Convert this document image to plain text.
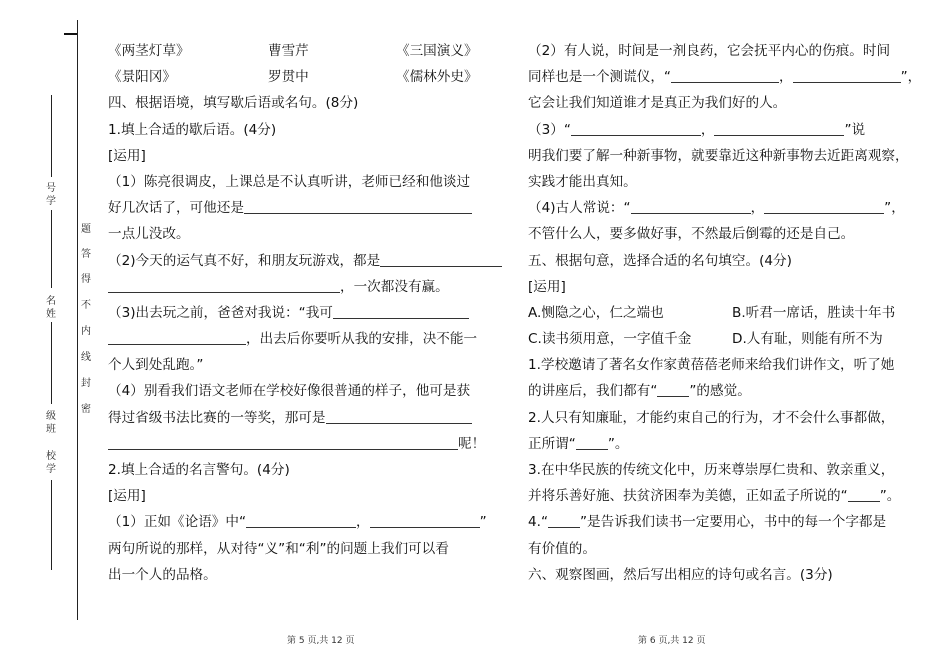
号学
名姓
级班
校学
题
答
得
不
内
线
封
密
《两茎灯草》	曹雪芹	《三国演义》
《景阳冈》	罗贯中	《儒林外史》
四、根据语境，填写歇后语或名句。(8分)
1.填上合适的歇后语。(4分)
[运用]
（1）陈亮很调皮，上课总是不认真听讲，老师已经和他谈过
好几次话了，可他还是
一点儿没改。
（2)今天的运气真不好，和朋友玩游戏，都是
，一次都没有赢。
（3)出去玩之前，爸爸对我说：“我可
，出去后你要听从我的安排，决不能一
个人到处乱跑。”
（4）别看我们语文老师在学校好像很普通的样子，他可是获
得过省级书法比赛的一等奖，那可是
呢！
2.填上合适的名言警句。(4分)
[运用]
（1）正如《论语》中“	，	”
两句所说的那样，从对待“义”和“利”的问题上我们可以看
出一个人的品格。
（2）有人说，时间是一剂良药，它会抚平内心的伤痕。时间
同样也是一个测谎仪，“	，	”，
它会让我们知道谁才是真正为我们好的人。
（3）“	，	”说
明我们要了解一种新事物，就要靠近这种新事物去近距离观察，
实践才能出真知。
（4)古人常说：“	，	”，
不管什么人，要多做好事，不然最后倒霉的还是自己。
五、根据句意，选择合适的名句填空。(4分)
[运用]
A.恻隐之心，仁之端也	B.听君一席话，胜读十年书
C.读书须用意，一字值千金	D.人有耻，则能有所不为
1.学校邀请了著名女作家黄蓓蓓老师来给我们讲作文，听了她
的讲座后，我们都有“ ”的感觉。
2.人只有知廉耻，才能约束自己的行为，才不会什么事都做，
正所谓“ ”。
3.在中华民族的传统文化中，历来尊崇厚仁贵和、敦亲重义，
并将乐善好施、扶贫济困奉为美德，正如孟子所说的“ ”。
4.“ ”是告诉我们读书一定要用心，书中的每一个字都是
有价值的。
六、观察图画，然后写出相应的诗句或名言。(3分)
第 5 页,共 12 页	第 6 页,共 12 页
